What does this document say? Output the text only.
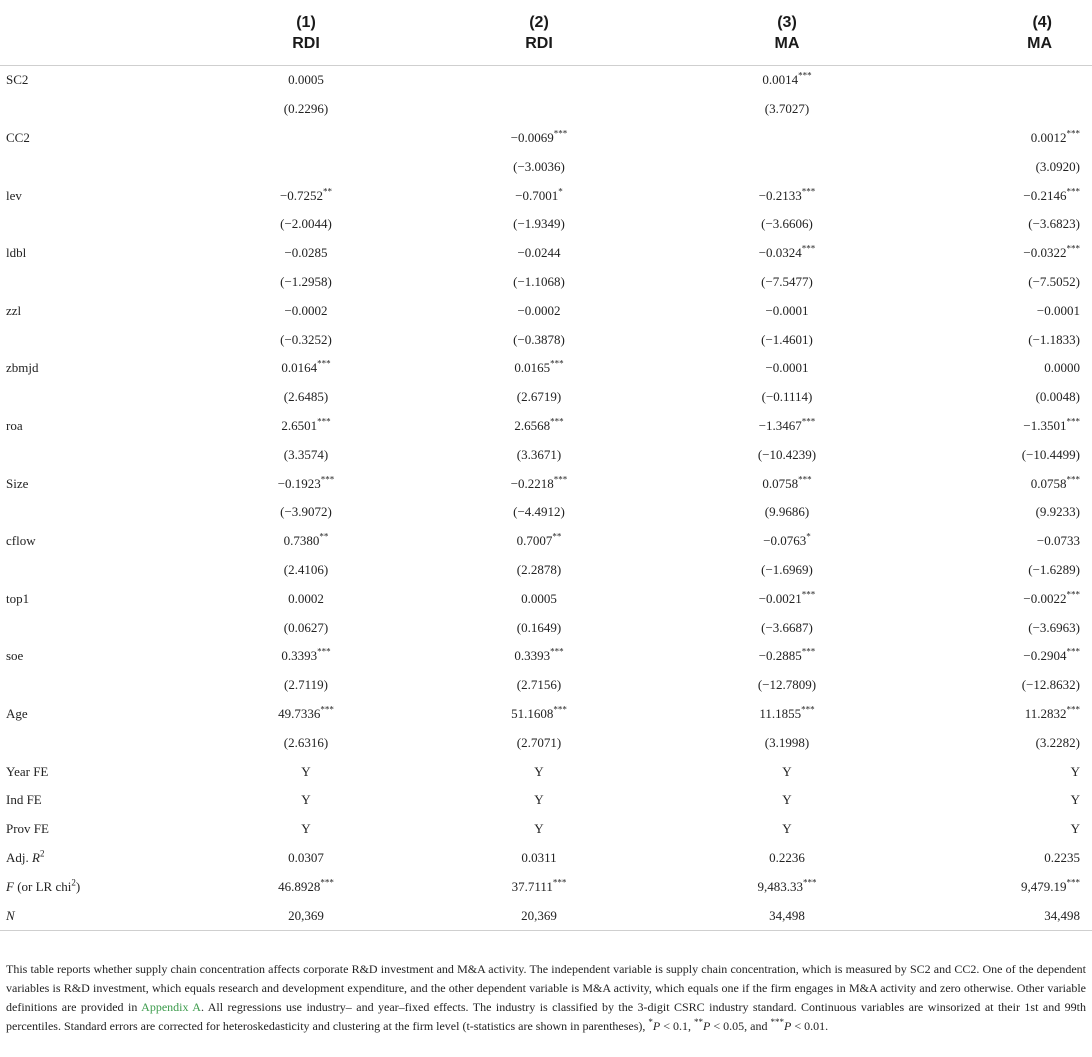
	(1)	(2)	(3)	(4)
	RDI	RDI	MA	MA
SC2	0.0005		0.0014***	
	(0.2296)		(3.7027)	
CC2		−0.0069***		0.0012***
		(−3.0036)		(3.0920)
lev	−0.7252**	−0.7001*	−0.2133***	−0.2146***
	(−2.0044)	(−1.9349)	(−3.6606)	(−3.6823)
ldbl	−0.0285	−0.0244	−0.0324***	−0.0322***
	(−1.2958)	(−1.1068)	(−7.5477)	(−7.5052)
zzl	−0.0002	−0.0002	−0.0001	−0.0001
	(−0.3252)	(−0.3878)	(−1.4601)	(−1.1833)
zbmjd	0.0164***	0.0165***	−0.0001	0.0000
	(2.6485)	(2.6719)	(−0.1114)	(0.0048)
roa	2.6501***	2.6568***	−1.3467***	−1.3501***
	(3.3574)	(3.3671)	(−10.4239)	(−10.4499)
Size	−0.1923***	−0.2218***	0.0758***	0.0758***
	(−3.9072)	(−4.4912)	(9.9686)	(9.9233)
cflow	0.7380**	0.7007**	−0.0763*	−0.0733
	(2.4106)	(2.2878)	(−1.6969)	(−1.6289)
top1	0.0002	0.0005	−0.0021***	−0.0022***
	(0.0627)	(0.1649)	(−3.6687)	(−3.6963)
soe	0.3393***	0.3393***	−0.2885***	−0.2904***
	(2.7119)	(2.7156)	(−12.7809)	(−12.8632)
Age	49.7336***	51.1608***	11.1855***	11.2832***
	(2.6316)	(2.7071)	(3.1998)	(3.2282)
Year FE	Y	Y	Y	Y
Ind FE	Y	Y	Y	Y
Prov FE	Y	Y	Y	Y
Adj. $R^2$	0.0307	0.0311	0.2236	0.2235
F (or LR chi$^2$)	46.8928***	37.7111***	9,483.33***	9,479.19***
N	20,369	20,369	34,498	34,498
This table reports whether supply chain concentration affects corporate R&D investment and M&A activity. The independent variable is supply chain concentration, which is measured by SC2 and CC2. One of the dependent variables is R&D investment, which equals research and development expenditure, and the other dependent variable is M&A activity, which equals one if the firm engages in M&A activity and zero otherwise. Other variable definitions are provided in Appendix A. All regressions use industry– and year–fixed effects. The industry is classified by the 3-digit CSRC industry standard. Continuous variables are winsorized at their 1st and 99th percentiles. Standard errors are corrected for heteroskedasticity and clustering at the firm level (t-statistics are shown in parentheses), *P < 0.1, **P < 0.05, and ***P < 0.01.
